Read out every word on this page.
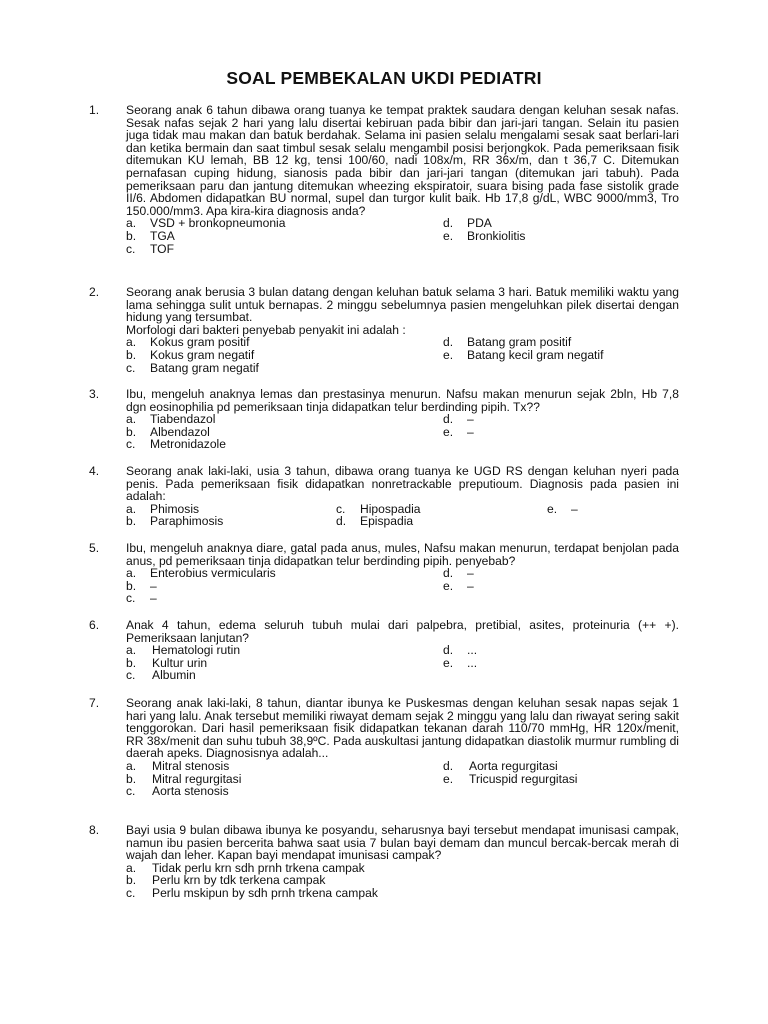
SOAL PEMBEKALAN UKDI PEDIATRI
1. Seorang anak 6 tahun dibawa orang tuanya ke tempat praktek saudara dengan keluhan sesak nafas. Sesak nafas sejak 2 hari yang lalu disertai kebiruan pada bibir dan jari-jari tangan. Selain itu pasien juga tidak mau makan dan batuk berdahak. Selama ini pasien selalu mengalami sesak saat berlari-lari dan ketika bermain dan saat timbul sesak selalu mengambil posisi berjongkok. Pada pemeriksaan fisik ditemukan KU lemah, BB 12 kg, tensi 100/60, nadi 108x/m, RR 36x/m, dan t 36,7 C. Ditemukan pernafasan cuping hidung, sianosis pada bibir dan jari-jari tangan (ditemukan jari tabuh). Pada pemeriksaan paru dan jantung ditemukan wheezing ekspiratoir, suara bising pada fase sistolik grade II/6. Abdomen didapatkan BU normal, supel dan turgor kulit baik. Hb 17,8 g/dL, WBC 9000/mm3, Tro 150.000/mm3. Apa kira-kira diagnosis anda?
a.	VSD + bronkopneumonia	d.	PDA
b.	TGA	e.	Bronkiolitis
c.	TOF
2. Seorang anak berusia 3 bulan datang dengan keluhan batuk selama 3 hari. Batuk memiliki waktu yang lama sehingga sulit untuk bernapas. 2 minggu sebelumnya pasien mengeluhkan pilek disertai dengan hidung yang tersumbat.
Morfologi dari bakteri penyebab penyakit ini adalah :
a.	Kokus gram positif	d.	Batang gram positif
b.	Kokus gram negatif	e.	Batang kecil gram negatif
c.	Batang gram negatif
3. Ibu, mengeluh anaknya lemas dan prestasinya menurun. Nafsu makan menurun sejak 2bln, Hb 7,8 dgn eosinophilia pd pemeriksaan tinja didapatkan telur berdinding pipih. Tx??
a.	Tiabendazol	d.	–
b.	Albendazol	e.	–
c.	Metronidazole
4. Seorang anak laki-laki, usia 3 tahun, dibawa orang tuanya ke UGD RS dengan keluhan nyeri pada penis. Pada pemeriksaan fisik didapatkan nonretrackable preputioum. Diagnosis pada pasien ini adalah:
a.	Phimosis	c.	Hipospadia	e.	–
b.	Paraphimosis	d.	Epispadia
5. Ibu, mengeluh anaknya diare, gatal pada anus, mules, Nafsu makan menurun, terdapat benjolan pada anus, pd pemeriksaan tinja didapatkan telur berdinding pipih. penyebab?
a.	Enterobius vermicularis	d.	–
b.	–	e.	–
c.	–
6. Anak 4 tahun, edema seluruh tubuh mulai dari palpebra, pretibial, asites, proteinuria (++ +). Pemeriksaan lanjutan?
a.	Hematologi rutin	d.	...
b.	Kultur urin	e.	...
c.	Albumin
7. Seorang anak laki-laki, 8 tahun, diantar ibunya ke Puskesmas dengan keluhan sesak napas sejak 1 hari yang lalu. Anak tersebut memiliki riwayat demam sejak 2 minggu yang lalu dan riwayat sering sakit tenggorokan. Dari hasil pemeriksaan fisik didapatkan tekanan darah 110/70 mmHg, HR 120x/menit, RR 38x/menit dan suhu tubuh 38,9ºC. Pada auskultasi jantung didapatkan diastolik murmur rumbling di daerah apeks. Diagnosisnya adalah...
a.	Mitral stenosis	d.	Aorta regurgitasi
b.	Mitral regurgitasi	e.	Tricuspid regurgitasi
c.	Aorta stenosis
8. Bayi usia 9 bulan dibawa ibunya ke posyandu, seharusnya bayi tersebut mendapat imunisasi campak, namun ibu pasien bercerita bahwa saat usia 7 bulan bayi demam dan muncul bercak-bercak merah di wajah dan leher. Kapan bayi mendapat imunisasi campak?
a.	Tidak perlu krn sdh prnh trkena campak
b.	Perlu krn by tdk terkena campak
c.	Perlu mskipun by sdh prnh trkena campak
